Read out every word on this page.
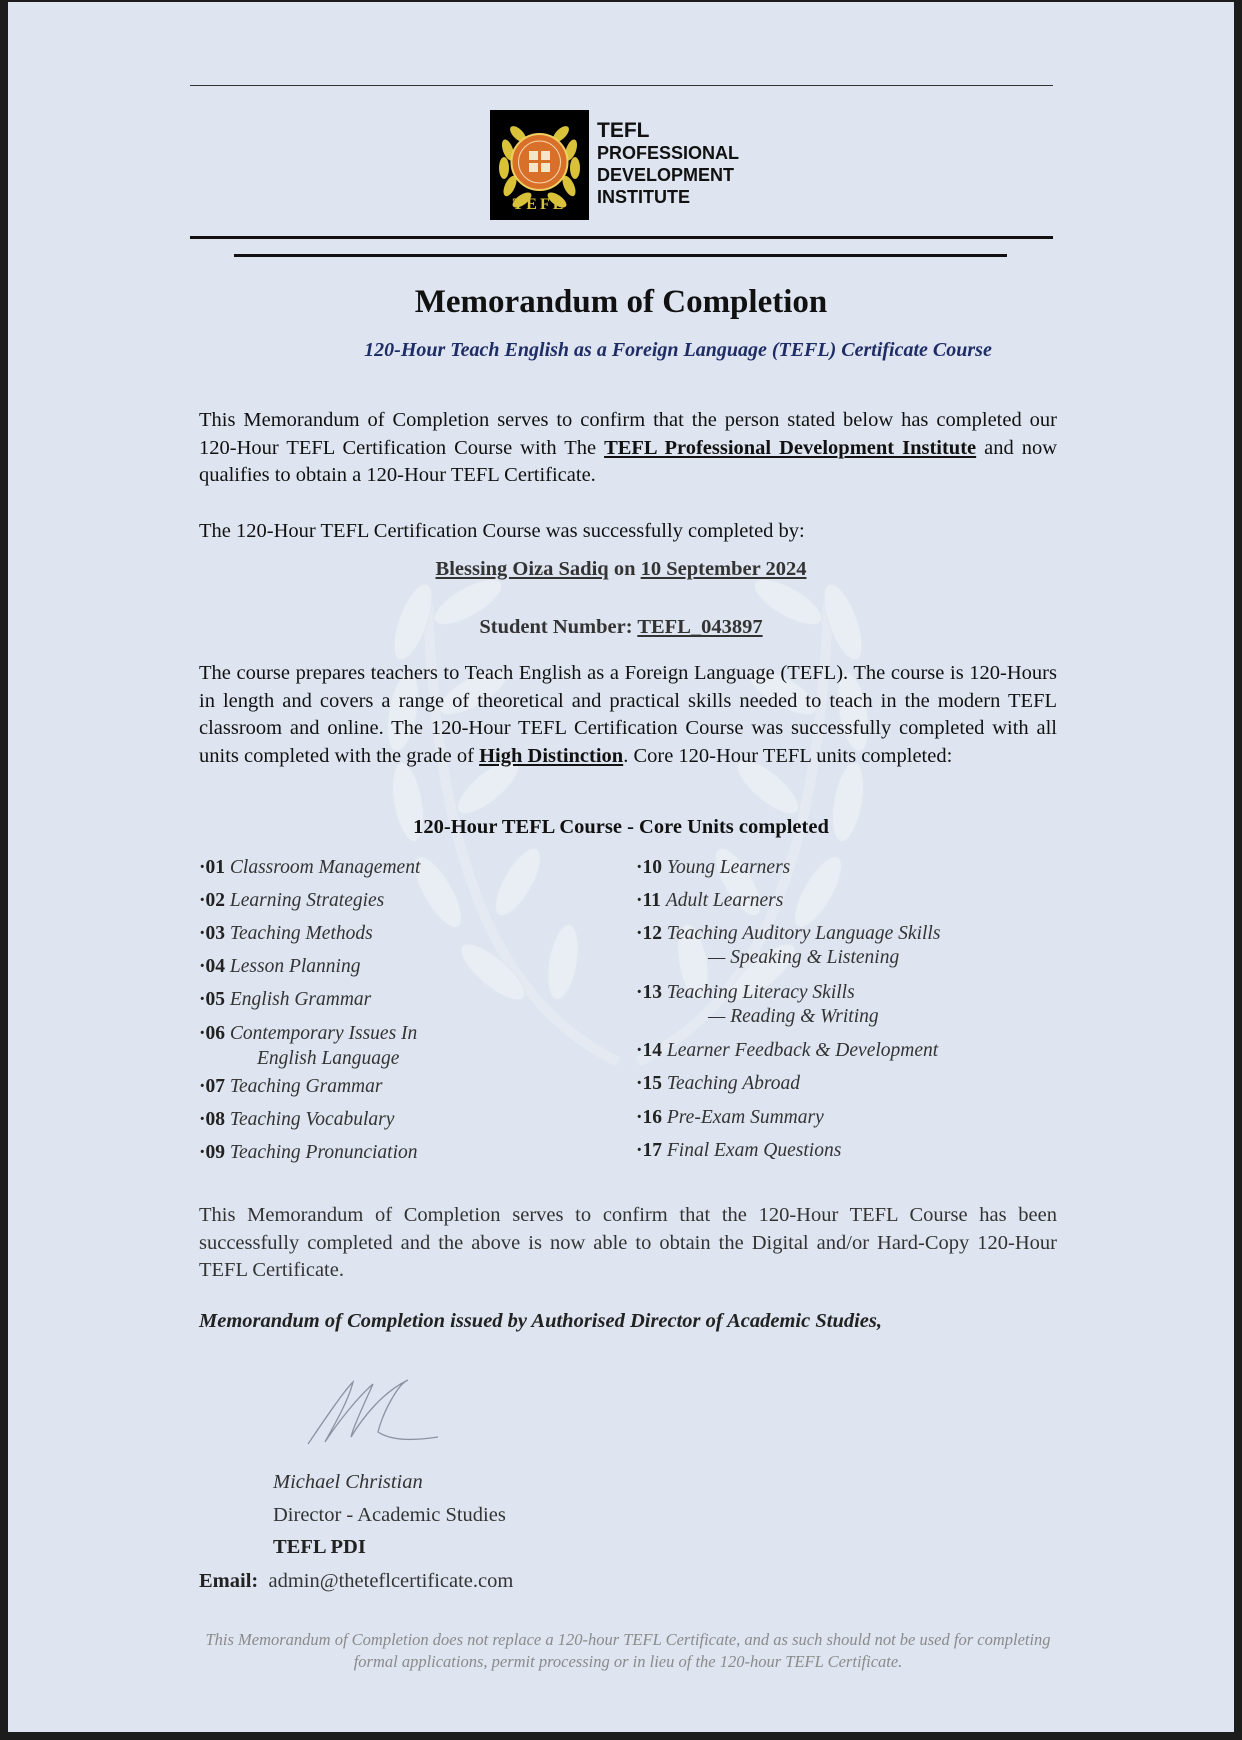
TEFL
TEFL
PROFESSIONAL
DEVELOPMENT
INSTITUTE
Memorandum of Completion
120-Hour Teach English as a Foreign Language (TEFL) Certificate Course
This Memorandum of Completion serves to confirm that the person stated below has completed our 120-Hour TEFL Certification Course with The TEFL Professional Development Institute and now qualifies to obtain a 120-Hour TEFL Certificate.
The 120-Hour TEFL Certification Course was successfully completed by:
Blessing Oiza Sadiq on 10 September 2024
Student Number: TEFL_043897
The course prepares teachers to Teach English as a Foreign Language (TEFL). The course is 120-Hours in length and covers a range of theoretical and practical skills needed to teach in the modern TEFL classroom and online. The 120-Hour TEFL Certification Course was successfully completed with all units completed with the grade of High Distinction. Core 120-Hour TEFL units completed:
120-Hour TEFL Course - Core Units completed
·01 Classroom Management
·02 Learning Strategies
·03 Teaching Methods
·04 Lesson Planning
·05 English Grammar
·06 Contemporary Issues In
English Language
·07 Teaching Grammar
·08 Teaching Vocabulary
·09 Teaching Pronunciation
·10 Young Learners
·11 Adult Learners
·12 Teaching Auditory Language Skills
— Speaking & Listening
·13 Teaching Literacy Skills
— Reading & Writing
·14 Learner Feedback & Development
·15 Teaching Abroad
·16 Pre-Exam Summary
·17 Final Exam Questions
This Memorandum of Completion serves to confirm that the 120-Hour TEFL Course has been successfully completed and the above is now able to obtain the Digital and/or Hard-Copy 120-Hour TEFL Certificate.
Memorandum of Completion issued by Authorised Director of Academic Studies,
Michael Christian
Director - Academic Studies
TEFL PDI
Email: admin@theteflcertificate.com
This Memorandum of Completion does not replace a 120-hour TEFL Certificate, and as such should not be used for completing formal applications, permit processing or in lieu of the 120-hour TEFL Certificate.
